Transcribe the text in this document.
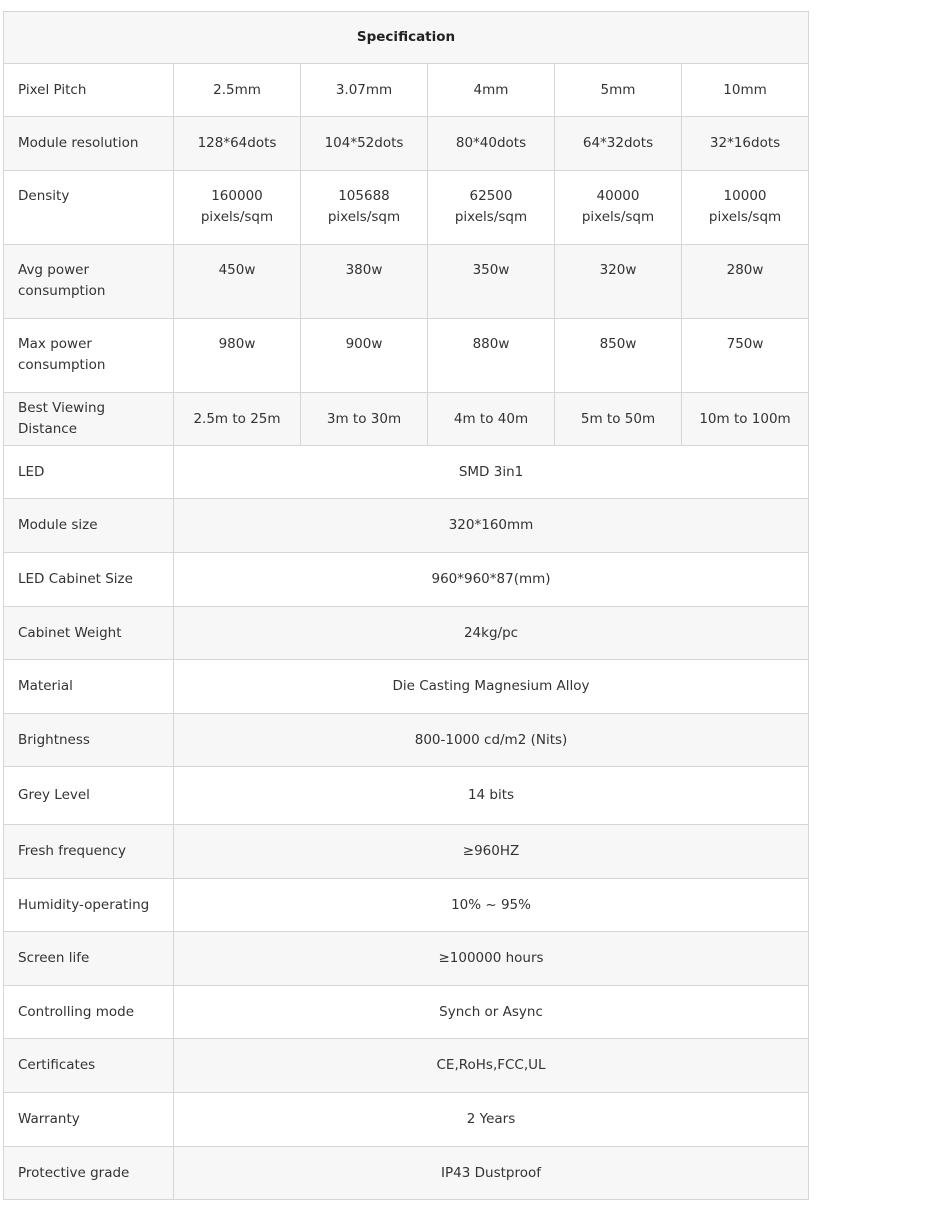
Specification					
Pixel Pitch	2.5mm	3.07mm	4mm	5mm	10mm
Module resolution	128*64dots	104*52dots	80*40dots	64*32dots	32*16dots
Density	160000 pixels/sqm	105688 pixels/sqm	62500 pixels/sqm	40000 pixels/sqm	10000 pixels/sqm
Avg power consumption	450w	380w	350w	320w	280w
Max power consumption	980w	900w	880w	850w	750w
Best Viewing Distance	2.5m to 25m	3m to 30m	4m to 40m	5m to 50m	10m to 100m
LED	SMD 3in1				
Module size	320*160mm				
LED Cabinet Size	960*960*87(mm)				
Cabinet Weight	24kg/pc				
Material	Die Casting Magnesium Alloy				
Brightness	800-1000 cd/m2 (Nits)				
Grey Level	14 bits				
Fresh frequency	≥960HZ				
Humidity-operating	10% ~ 95%				
Screen life	≥100000 hours				
Controlling mode	Synch or Async				
Certificates	CE,RoHs,FCC,UL				
Warranty	2 Years				
Protective grade	IP43 Dustproof				
